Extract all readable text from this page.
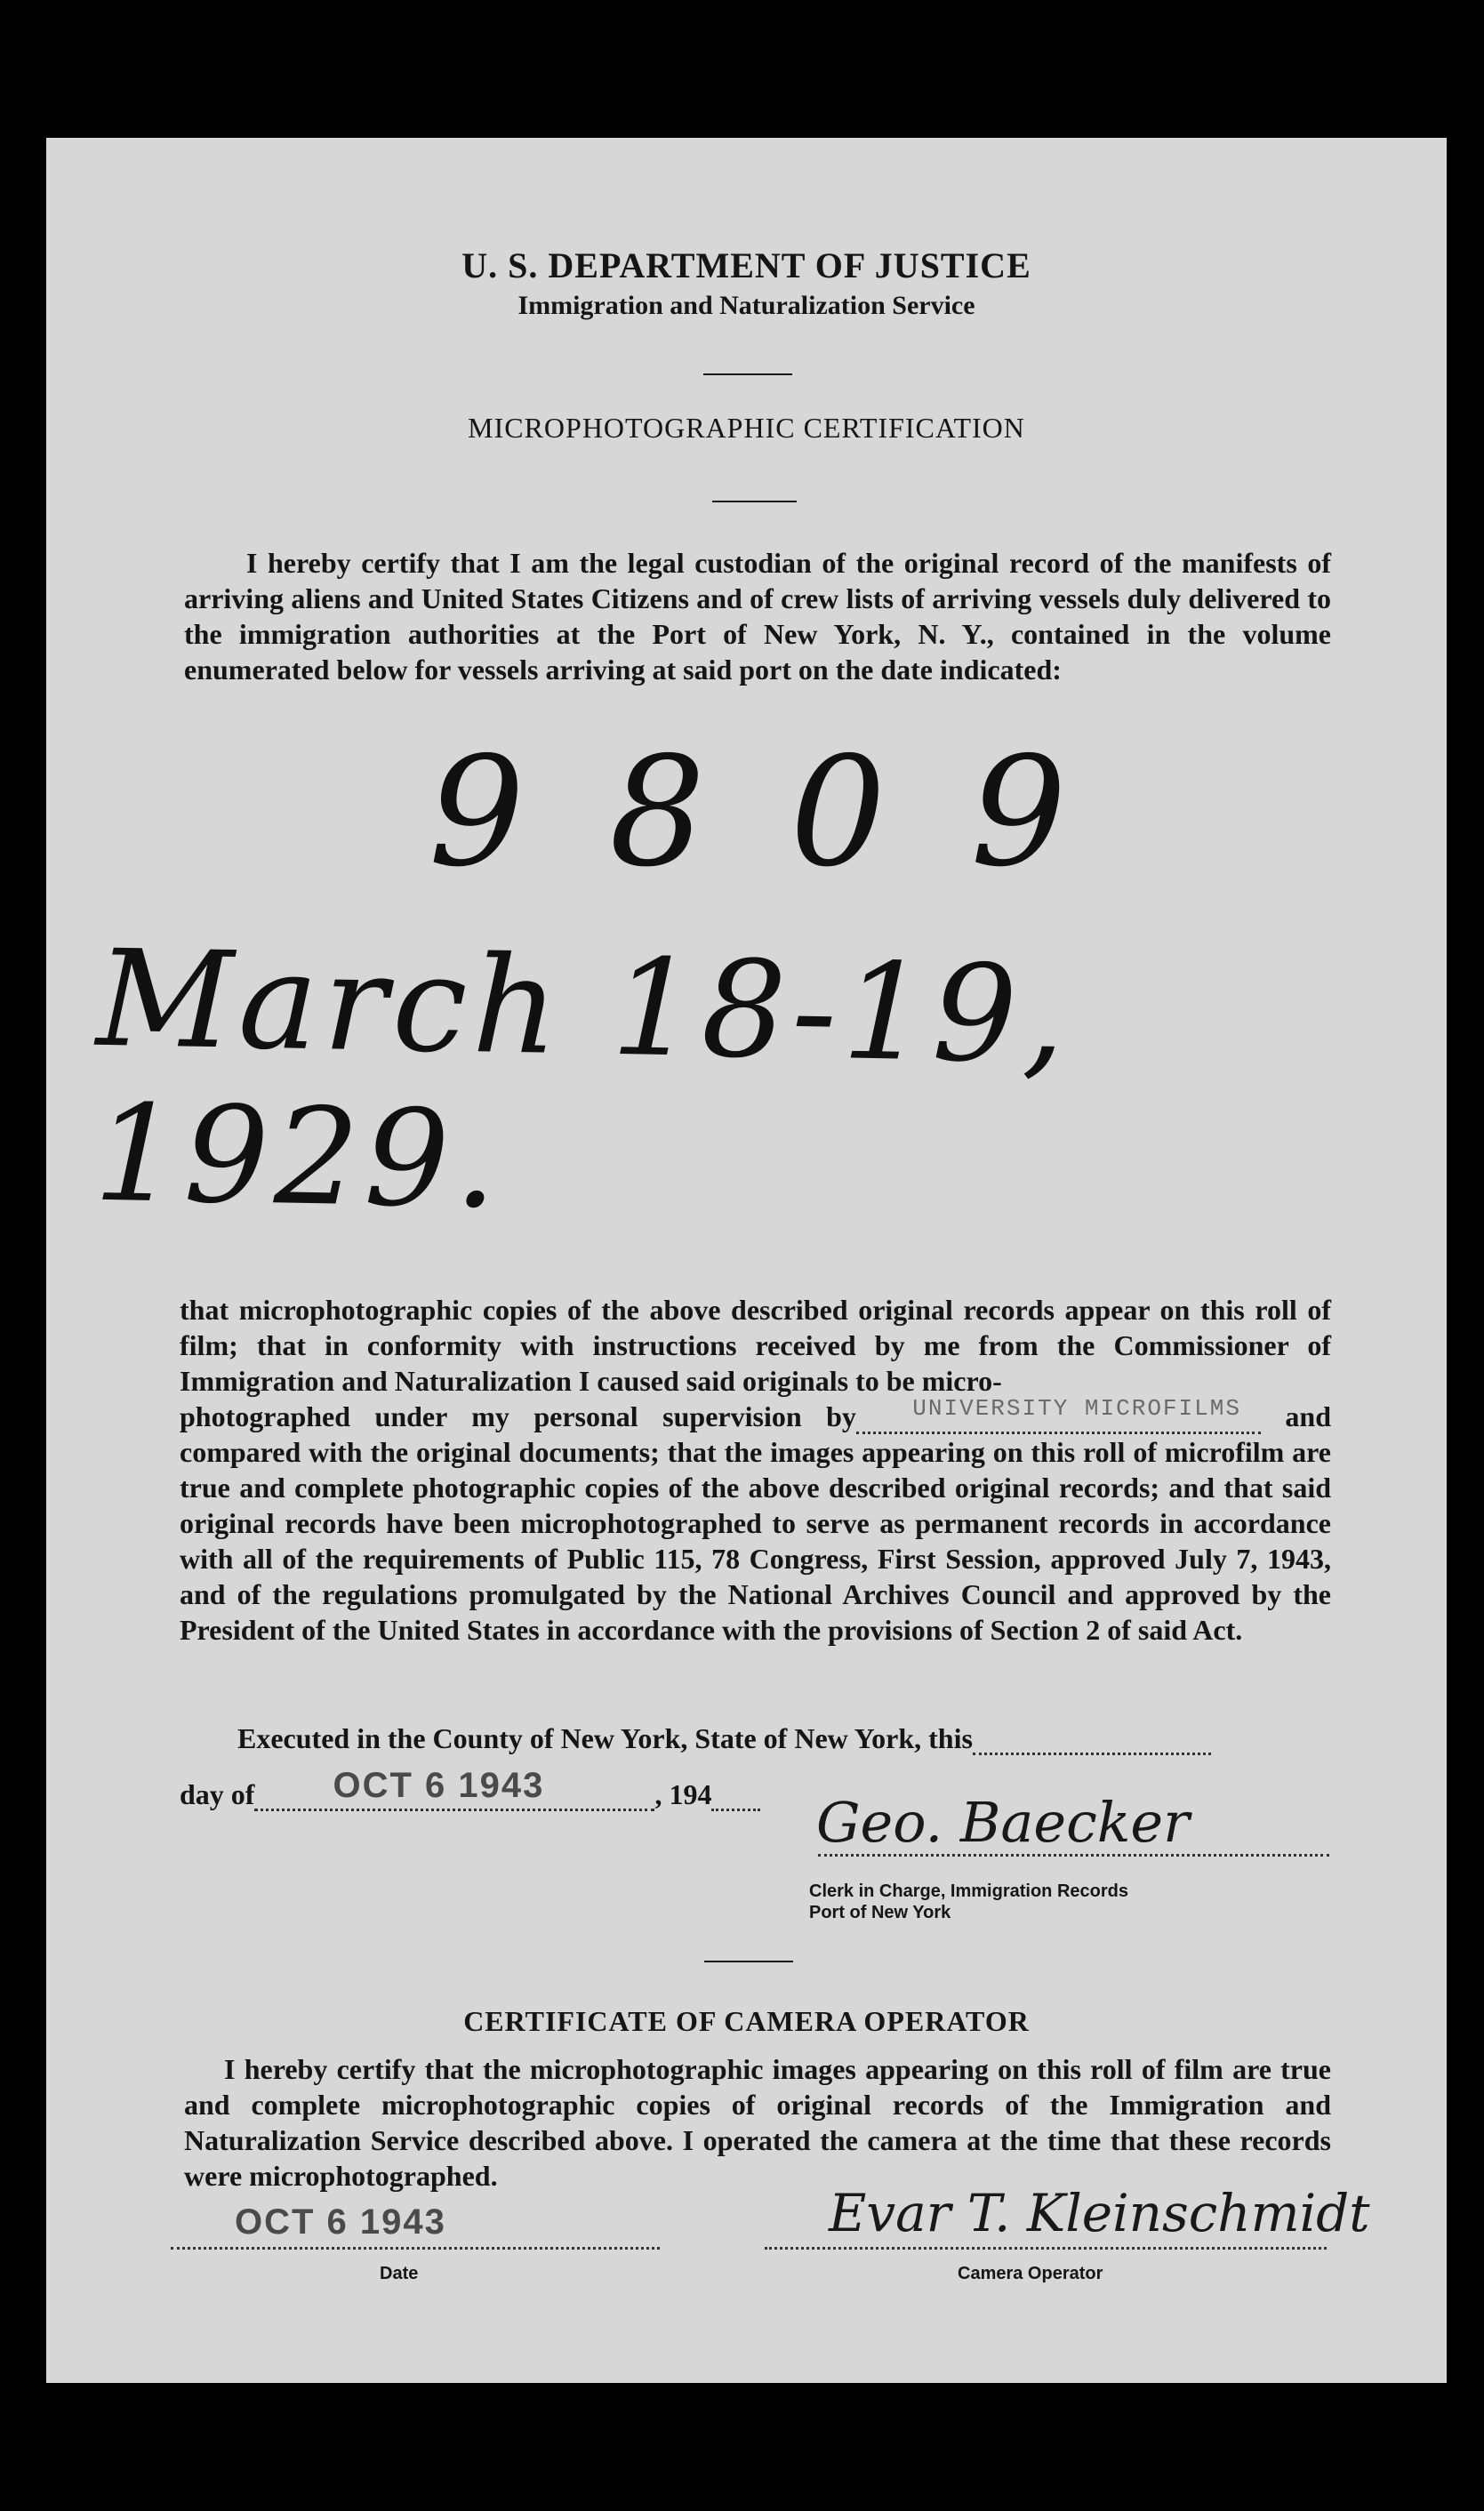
U. S. DEPARTMENT OF JUSTICE
Immigration and Naturalization Service
MICROPHOTOGRAPHIC CERTIFICATION
I hereby certify that I am the legal custodian of the original record of the manifests of arriving aliens and United States Citizens and of crew lists of arriving vessels duly delivered to the immigration authorities at the Port of New York, N. Y., contained in the volume enumerated below for vessels arriving at said port on the date indicated:
9809
March 18-19, 1929.
that microphotographic copies of the above described original records appear on this roll of film; that in conformity with instructions received by me from the Commissioner of Immigration and Naturalization I caused said originals to be micro-
photographed under my personal supervision by UNIVERSITY MICROFILMS and compared with the original documents; that the images appearing on this roll of microfilm are true and complete photographic copies of the above described original records; and that said original records have been microphotographed to serve as permanent records in accordance with all of the requirements of Public 115, 78 Congress, First Session, approved July 7, 1943, and of the regulations promulgated by the National Archives Council and approved by the President of the United States in accordance with the provisions of Section 2 of said Act.
Executed in the County of New York, State of New York, this
day of OCT 6 1943	, 194	Geo. Baecker
Clerk in Charge, Immigration Records
Port of New York
CERTIFICATE OF CAMERA OPERATOR
I hereby certify that the microphotographic images appearing on this roll of film are true and complete microphotographic copies of original records of the Immigration and Naturalization Service described above. I operated the camera at the time that these records were microphotographed.
OCT 6 1943
Date
Evar T. Kleinschmidt
Camera Operator
